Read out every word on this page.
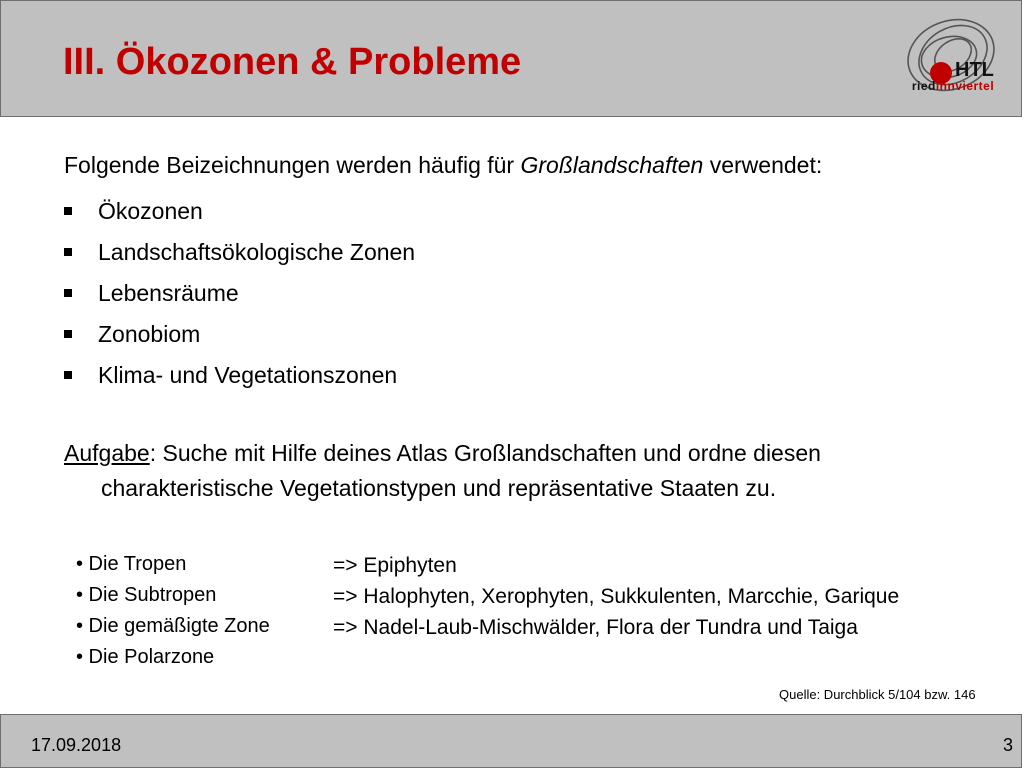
III. Ökozonen & Probleme
riedinnviertel
HTL
Folgende Beizeichnungen werden häufig für Großlandschaften verwendet:
Ökozonen
Landschaftsökologische Zonen
Lebensräume
Zonobiom
Klima- und Vegetationszonen
Aufgabe: Suche mit Hilfe deines Atlas Großlandschaften und ordne diesen
charakteristische Vegetationstypen und repräsentative Staaten zu.
• Die Tropen
• Die Subtropen
• Die gemäßigte Zone
• Die Polarzone
=> Epiphyten
=> Halophyten, Xerophyten, Sukkulenten, Marcchie, Garique
=> Nadel-Laub-Mischwälder, Flora der Tundra und Taiga
Quelle: Durchblick 5/104 bzw. 146
17.09.2018	3
